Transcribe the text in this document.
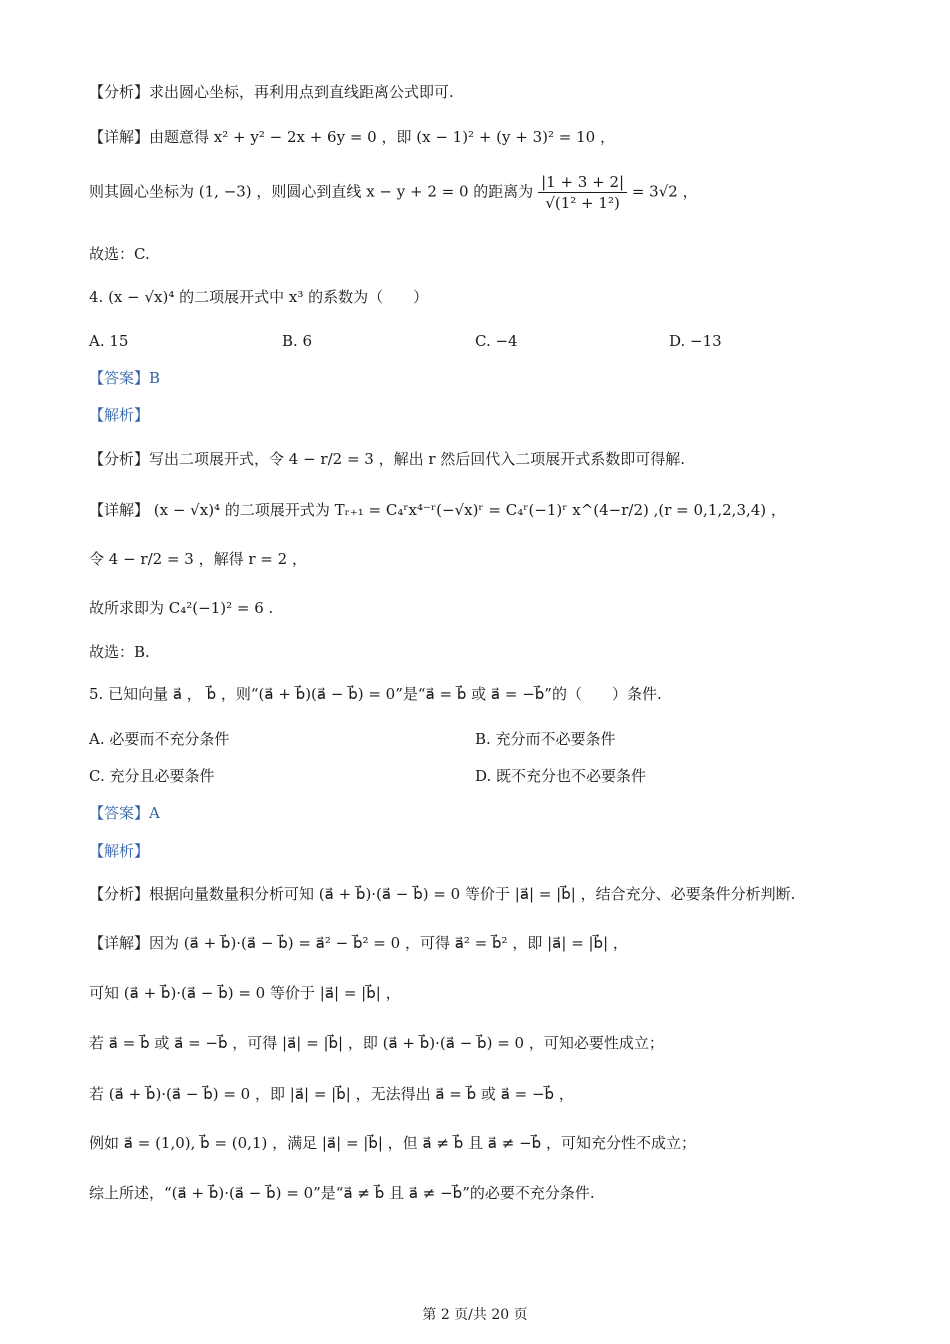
【分析】求出圆心坐标，再利用点到直线距离公式即可.
【详解】由题意得 x² + y² − 2x + 6y = 0 ，即 (x − 1)² + (y + 3)² = 10 ，
则其圆心坐标为 (1, −3) ，则圆心到直线 x − y + 2 = 0 的距离为 $\frac{|1 + 3 + 2|}{\text{√(1² + 1²)}} = 3√2$ ，
故选：C.
4. (x − √x)⁴ 的二项展开式中 x³ 的系数为（　　）
A. 15	B. 6	C. −4	D. −13
【答案】B
【解析】
【分析】写出二项展开式，令 4 − r/2 = 3 ，解出 r 然后回代入二项展开式系数即可得解.
【详解】 (x − √x)⁴ 的二项展开式为 Tᵣ₊₁ = C₄ʳx⁴⁻ʳ(−√x)ʳ = C₄ʳ(−1)ʳ x^(4−r/2) ,(r = 0,1,2,3,4) ，
令 4 − r/2 = 3 ，解得 r = 2 ，
故所求即为 C₄²(−1)² = 6 .
故选：B.
5. 已知向量 a⃗ ， b⃗ ，则“(a⃗ + b⃗)(a⃗ − b⃗) = 0”是“a⃗ = b⃗ 或 a⃗ = −b⃗”的（　　）条件.
A. 必要而不充分条件	B. 充分而不必要条件
C. 充分且必要条件	D. 既不充分也不必要条件
【答案】A
【解析】
【分析】根据向量数量积分析可知 (a⃗ + b⃗)·(a⃗ − b⃗) = 0 等价于 |a⃗| = |b⃗| ，结合充分、必要条件分析判断.
【详解】因为 (a⃗ + b⃗)·(a⃗ − b⃗) = a⃗² − b⃗² = 0 ，可得 a⃗² = b⃗² ，即 |a⃗| = |b⃗| ，
可知 (a⃗ + b⃗)·(a⃗ − b⃗) = 0 等价于 |a⃗| = |b⃗| ，
若 a⃗ = b⃗ 或 a⃗ = −b⃗ ，可得 |a⃗| = |b⃗| ，即 (a⃗ + b⃗)·(a⃗ − b⃗) = 0 ，可知必要性成立；
若 (a⃗ + b⃗)·(a⃗ − b⃗) = 0 ，即 |a⃗| = |b⃗| ，无法得出 a⃗ = b⃗ 或 a⃗ = −b⃗ ，
例如 a⃗ = (1,0), b⃗ = (0,1) ，满足 |a⃗| = |b⃗| ，但 a⃗ ≠ b⃗ 且 a⃗ ≠ −b⃗ ，可知充分性不成立；
综上所述，“(a⃗ + b⃗)·(a⃗ − b⃗) = 0”是“a⃗ ≠ b⃗ 且 a⃗ ≠ −b⃗”的必要不充分条件.
第 2 页/共 20 页
